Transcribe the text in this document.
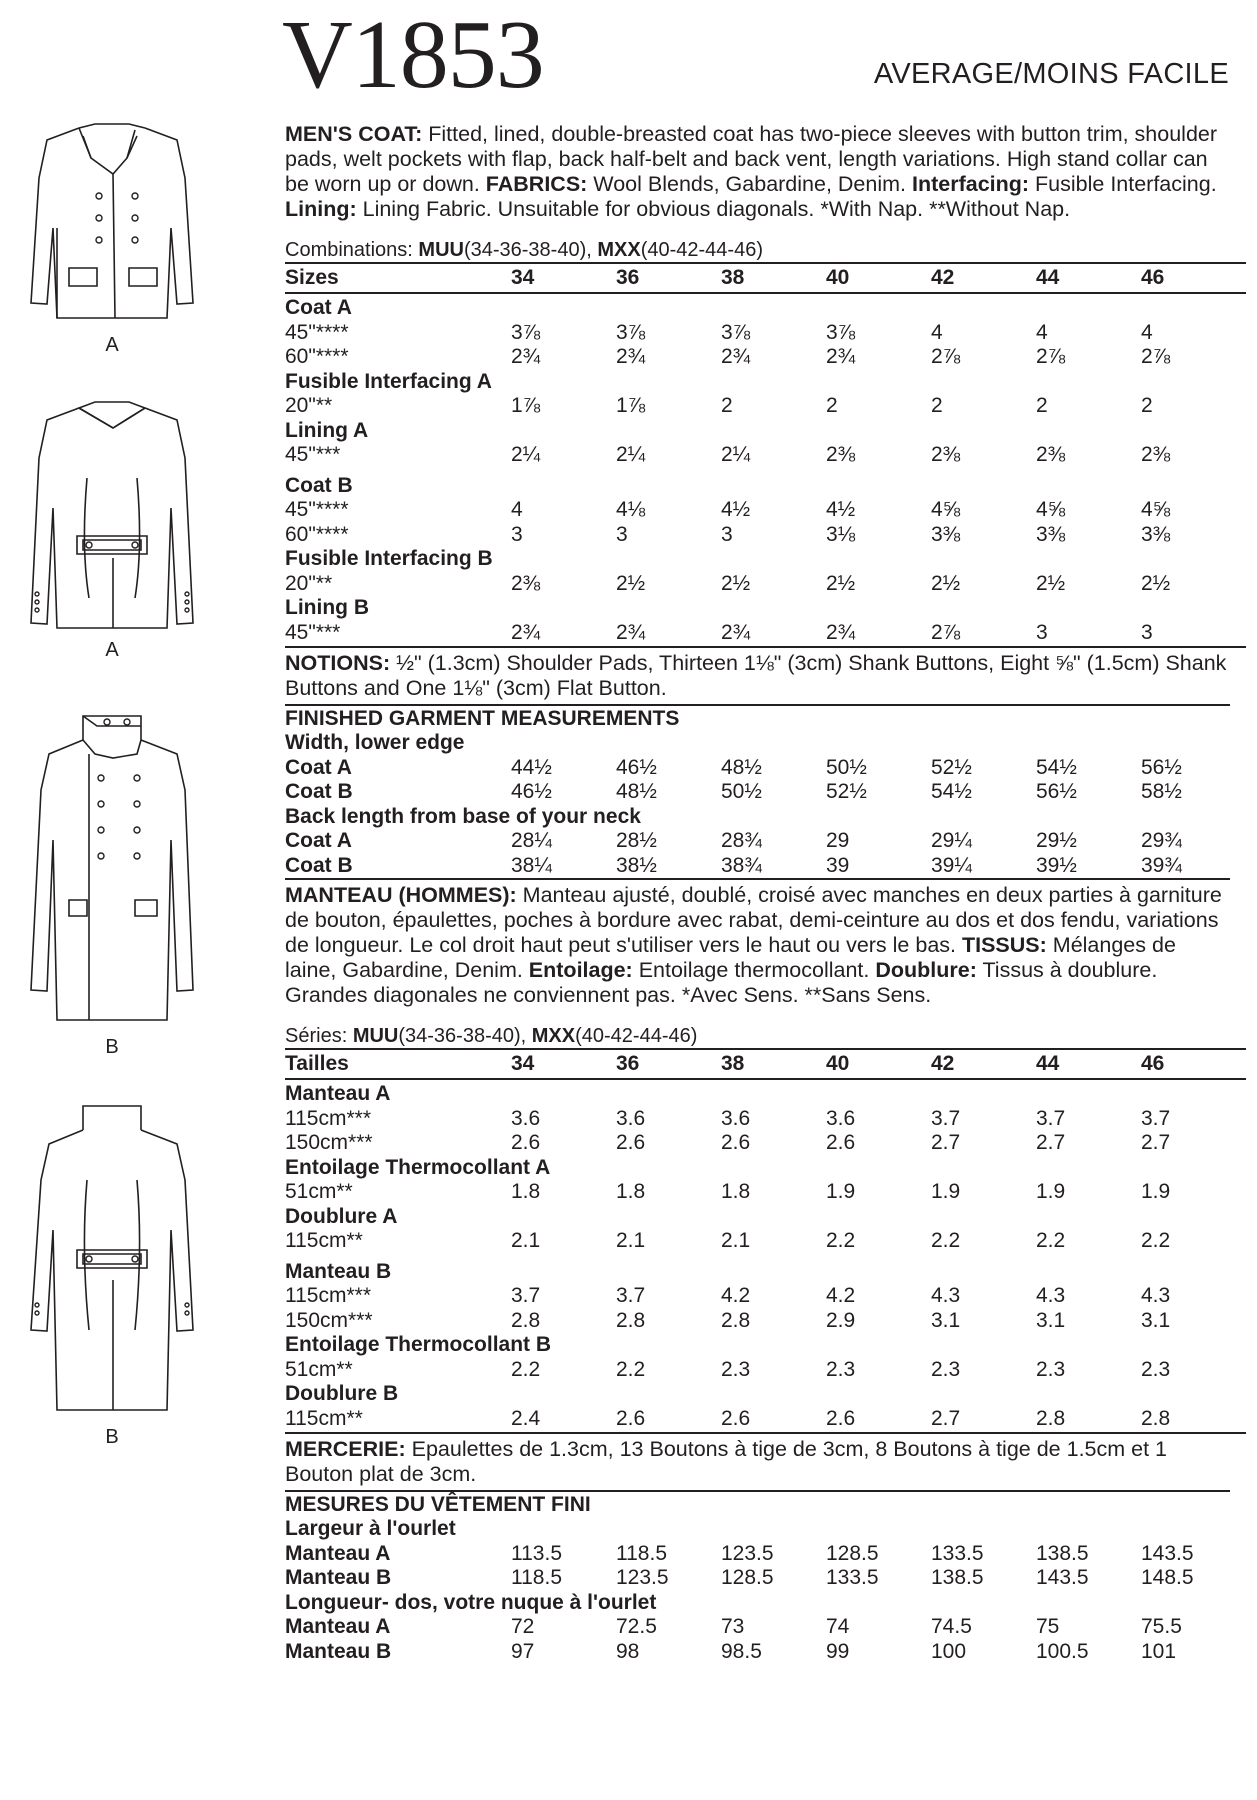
V1853	AVERAGE/MOINS FACILE
A
A
B
B
MEN'S COAT: Fitted, lined, double-breasted coat has two-piece sleeves with button trim, shoulder pads, welt pockets with flap, back half-belt and back vent, length variations. High stand collar can be worn up or down. FABRICS: Wool Blends, Gabardine, Denim. Interfacing: Fusible Interfacing. Lining: Lining Fabric. Unsuitable for obvious diagonals. *With Nap. **Without Nap.
Combinations: MUU(34-36-38-40), MXX(40-42-44-46)
Sizes	34	36	38	40	42	44	46
Coat A							
45"****	3⅞	3⅞	3⅞	3⅞	4	4	4
60"****	2¾	2¾	2¾	2¾	2⅞	2⅞	2⅞
Fusible Interfacing A							
20"**	1⅞	1⅞	2	2	2	2	2
Lining A							
45"***	2¼	2¼	2¼	2⅜	2⅜	2⅜	2⅜
Coat B							
45"****	4	4⅛	4½	4½	4⅝	4⅝	4⅝
60"****	3	3	3	3⅛	3⅜	3⅜	3⅜
Fusible Interfacing B							
20"**	2⅜	2½	2½	2½	2½	2½	2½
Lining B							
45"***	2¾	2¾	2¾	2¾	2⅞	3	3
NOTIONS: ½" (1.3cm) Shoulder Pads, Thirteen 1⅛" (3cm) Shank Buttons, Eight ⅝" (1.5cm) Shank Buttons and One 1⅛" (3cm) Flat Button.
FINISHED GARMENT MEASUREMENTS
Width, lower edge							
Coat A	44½	46½	48½	50½	52½	54½	56½
Coat B	46½	48½	50½	52½	54½	56½	58½
Back length from base of your neck							
Coat A	28¼	28½	28¾	29	29¼	29½	29¾
Coat B	38¼	38½	38¾	39	39¼	39½	39¾
MANTEAU (HOMMES): Manteau ajusté, doublé, croisé avec manches en deux parties à garniture de bouton, épaulettes, poches à bordure avec rabat, demi-ceinture au dos et dos fendu, variations de longueur. Le col droit haut peut s'utiliser vers le haut ou vers le bas. TISSUS: Mélanges de laine, Gabardine, Denim. Entoilage: Entoilage thermocollant. Doublure: Tissus à doublure. Grandes diagonales ne conviennent pas. *Avec Sens. **Sans Sens.
Séries: MUU(34-36-38-40), MXX(40-42-44-46)
Tailles	34	36	38	40	42	44	46
Manteau A							
115cm***	3.6	3.6	3.6	3.6	3.7	3.7	3.7
150cm***	2.6	2.6	2.6	2.6	2.7	2.7	2.7
Entoilage Thermocollant A							
51cm**	1.8	1.8	1.8	1.9	1.9	1.9	1.9
Doublure A							
115cm**	2.1	2.1	2.1	2.2	2.2	2.2	2.2
Manteau B							
115cm***	3.7	3.7	4.2	4.2	4.3	4.3	4.3
150cm***	2.8	2.8	2.8	2.9	3.1	3.1	3.1
Entoilage Thermocollant B							
51cm**	2.2	2.2	2.3	2.3	2.3	2.3	2.3
Doublure B							
115cm**	2.4	2.6	2.6	2.6	2.7	2.8	2.8
MERCERIE: Epaulettes de 1.3cm, 13 Boutons à tige de 3cm, 8 Boutons à tige de 1.5cm et 1 Bouton plat de 3cm.
MESURES DU VÊTEMENT FINI
Largeur à l'ourlet							
Manteau A	113.5	118.5	123.5	128.5	133.5	138.5	143.5
Manteau B	118.5	123.5	128.5	133.5	138.5	143.5	148.5
Longueur- dos, votre nuque à l'ourlet							
Manteau A	72	72.5	73	74	74.5	75	75.5
Manteau B	97	98	98.5	99	100	100.5	101
